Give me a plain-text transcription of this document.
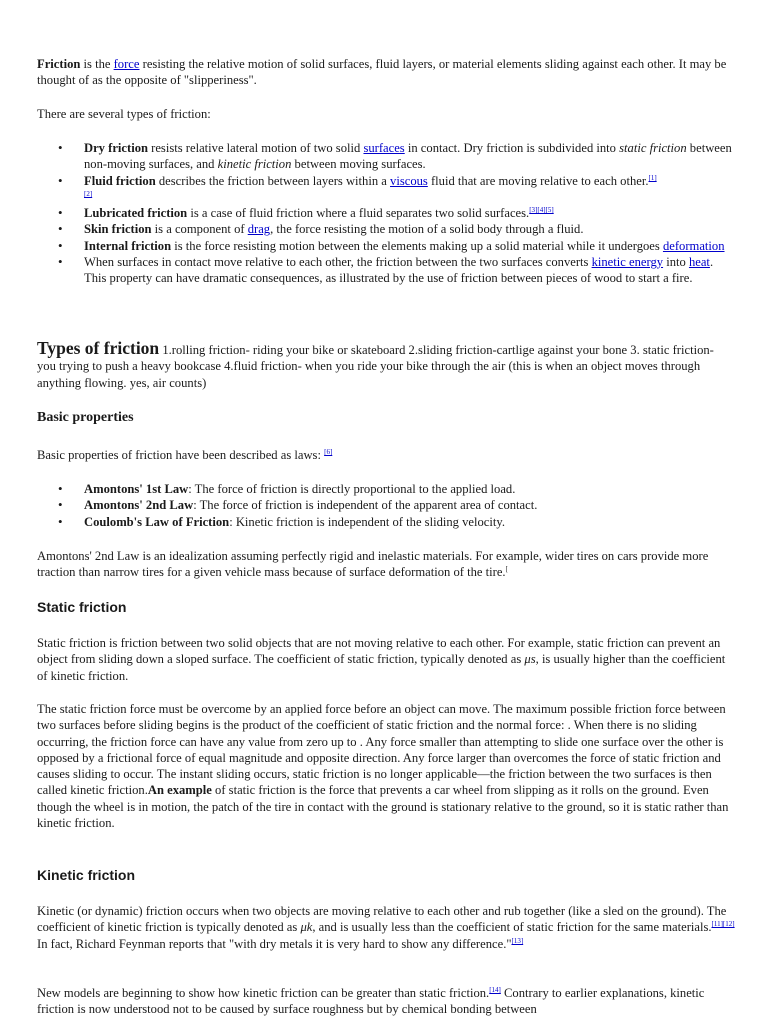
Friction is the force resisting the relative motion of solid surfaces, fluid layers, or material elements sliding against each other. It may be thought of as the opposite of "slipperiness".

There are several types of friction:

• Dry friction resists relative lateral motion of two solid surfaces in contact. Dry friction is subdivided into static friction between non-moving surfaces, and kinetic friction between moving surfaces.
• Fluid friction describes the friction between layers within a viscous fluid that are moving relative to each other.[1]
[2]
• Lubricated friction is a case of fluid friction where a fluid separates two solid surfaces.[3][4][5]
• Skin friction is a component of drag, the force resisting the motion of a solid body through a fluid.
• Internal friction is the force resisting motion between the elements making up a solid material while it undergoes deformation
• When surfaces in contact move relative to each other, the friction between the two surfaces converts kinetic energy into heat. This property can have dramatic consequences, as illustrated by the use of friction between pieces of wood to start a fire.

Types of friction 1.rolling friction- riding your bike or skateboard 2.sliding friction-cartlige against your bone 3. static friction- you trying to push a heavy bookcase 4.fluid friction- when you ride your bike through the air (this is when an object moves through anything flowing. yes, air counts)

Basic properties

Basic properties of friction have been described as laws: [6]

• Amontons' 1st Law: The force of friction is directly proportional to the applied load.
• Amontons' 2nd Law: The force of friction is independent of the apparent area of contact.
• Coulomb's Law of Friction: Kinetic friction is independent of the sliding velocity.

Amontons' 2nd Law is an idealization assuming perfectly rigid and inelastic materials. For example, wider tires on cars provide more traction than narrow tires for a given vehicle mass because of surface deformation of the tire.[

Static friction

Static friction is friction between two solid objects that are not moving relative to each other. For example, static friction can prevent an object from sliding down a sloped surface. The coefficient of static friction, typically denoted as μs, is usually higher than the coefficient of kinetic friction.

The static friction force must be overcome by an applied force before an object can move. The maximum possible friction force between two surfaces before sliding begins is the product of the coefficient of static friction and the normal force: . When there is no sliding occurring, the friction force can have any value from zero up to . Any force smaller than attempting to slide one surface over the other is opposed by a frictional force of equal magnitude and opposite direction. Any force larger than overcomes the force of static friction and causes sliding to occur. The instant sliding occurs, static friction is no longer applicable—the friction between the two surfaces is then called kinetic friction.An example of static friction is the force that prevents a car wheel from slipping as it rolls on the ground. Even though the wheel is in motion, the patch of the tire in contact with the ground is stationary relative to the ground, so it is static rather than kinetic friction.

Kinetic friction

Kinetic (or dynamic) friction occurs when two objects are moving relative to each other and rub together (like a sled on the ground). The coefficient of kinetic friction is typically denoted as μk, and is usually less than the coefficient of static friction for the same materials.[11][12] In fact, Richard Feynman reports that "with dry metals it is very hard to show any difference."[13]

New models are beginning to show how kinetic friction can be greater than static friction.[14] Contrary to earlier explanations, kinetic friction is now understood not to be caused by surface roughness but by chemical bonding between
